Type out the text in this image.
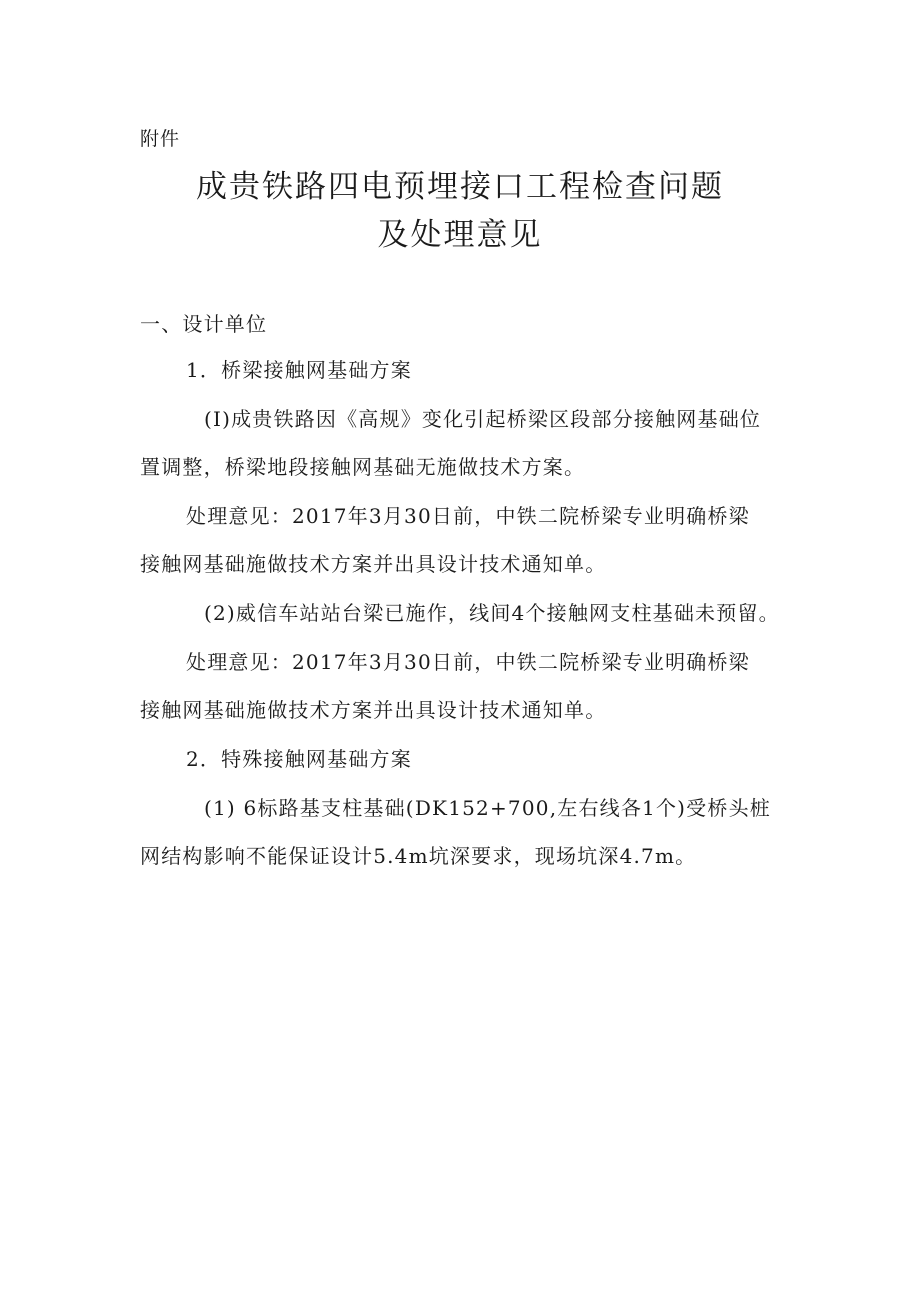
附件
成贵铁路四电预埋接口工程检查问题
及处理意见
一、设计单位
1．桥梁接触网基础方案
(I)成贵铁路因《高规》变化引起桥梁区段部分接触网基础位
置调整，桥梁地段接触网基础无施做技术方案。
处理意见：2017年3月30日前，中铁二院桥梁专业明确桥梁
接触网基础施做技术方案并出具设计技术通知单。
(2)威信车站站台梁已施作，线间4个接触网支柱基础未预留。
处理意见：2017年3月30日前，中铁二院桥梁专业明确桥梁
接触网基础施做技术方案并出具设计技术通知单。
2．特殊接触网基础方案
(1) 6标路基支柱基础(DK152+700,左右线各1个)受桥头桩
网结构影响不能保证设计5.4m坑深要求，现场坑深4.7m。
